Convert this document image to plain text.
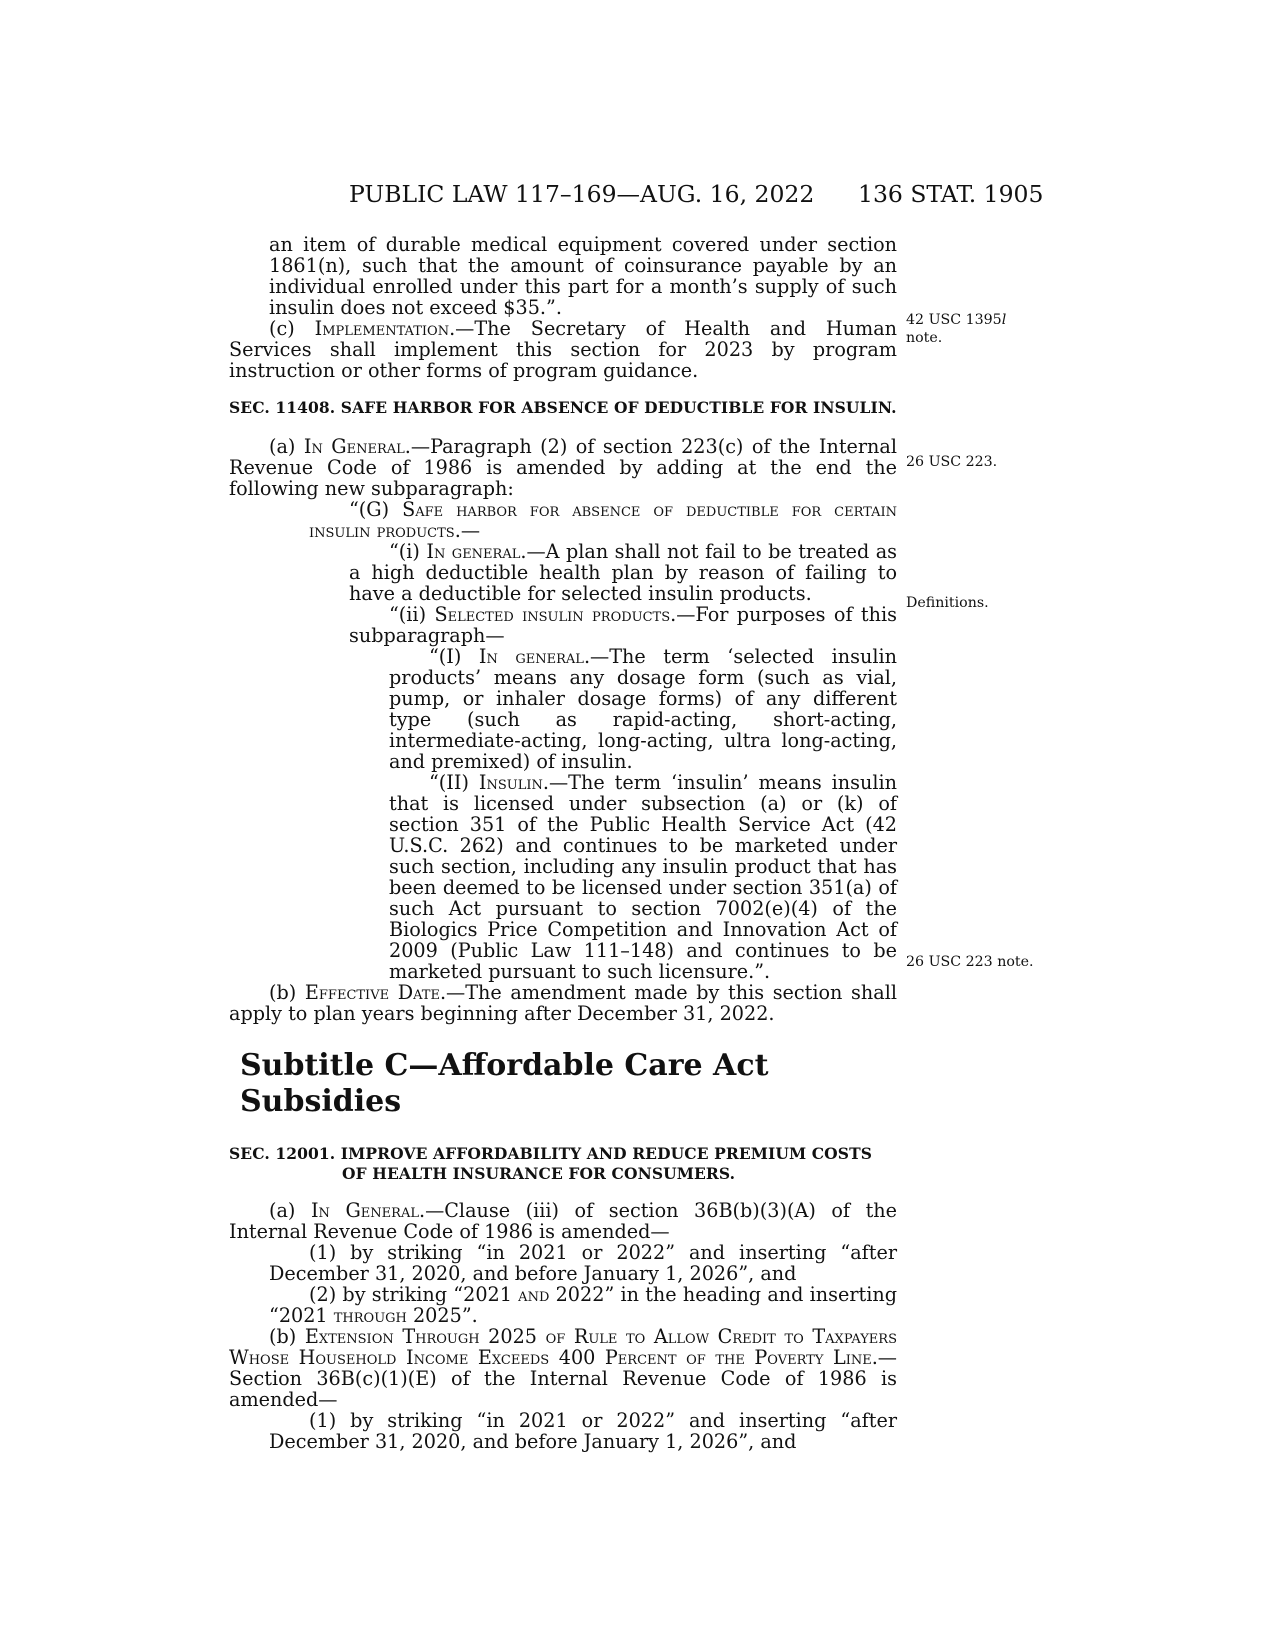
PUBLIC LAW 117–169—AUG. 16, 2022 136 STAT. 1905

an item of durable medical equipment covered under section 1861(n), such that the amount of coinsurance payable by an individual enrolled under this part for a month’s supply of such insulin does not exceed $35.”.

(c) Implementation.—The Secretary of Health and Human Services shall implement this section for 2023 by program instruction or other forms of program guidance.

SEC. 11408. SAFE HARBOR FOR ABSENCE OF DEDUCTIBLE FOR INSULIN.

(a) In General.—Paragraph (2) of section 223(c) of the Internal Revenue Code of 1986 is amended by adding at the end the following new subparagraph:

“(G) Safe harbor for absence of deductible for certain insulin products.—

“(i) In general.—A plan shall not fail to be treated as a high deductible health plan by reason of failing to have a deductible for selected insulin products.

“(ii) Selected insulin products.—For purposes of this subparagraph—

“(I) In general.—The term ‘selected insulin products’ means any dosage form (such as vial, pump, or inhaler dosage forms) of any different type (such as rapid-acting, short-acting, intermediate-acting, long-acting, ultra long-acting, and premixed) of insulin.

“(II) Insulin.—The term ‘insulin’ means insulin that is licensed under subsection (a) or (k) of section 351 of the Public Health Service Act (42 U.S.C. 262) and continues to be marketed under such section, including any insulin product that has been deemed to be licensed under section 351(a) of such Act pursuant to section 7002(e)(4) of the Biologics Price Competition and Innovation Act of 2009 (Public Law 111–148) and continues to be marketed pursuant to such licensure.”.

(b) Effective Date.—The amendment made by this section shall apply to plan years beginning after December 31, 2022.

Subtitle C—Affordable Care Act Subsidies

SEC. 12001. IMPROVE AFFORDABILITY AND REDUCE PREMIUM COSTS
OF HEALTH INSURANCE FOR CONSUMERS.

(a) In General.—Clause (iii) of section 36B(b)(3)(A) of the Internal Revenue Code of 1986 is amended—

(1) by striking “in 2021 or 2022” and inserting “after December 31, 2020, and before January 1, 2026”, and

(2) by striking “2021 and 2022” in the heading and inserting “2021 through 2025”.

(b) Extension Through 2025 of Rule to Allow Credit to Taxpayers Whose Household Income Exceeds 400 Percent of the Poverty Line.—Section 36B(c)(1)(E) of the Internal Revenue Code of 1986 is amended—

(1) by striking “in 2021 or 2022” and inserting “after December 31, 2020, and before January 1, 2026”, and

42 USC 1395l
note.
26 USC 223.
Definitions.
26 USC 223 note.
